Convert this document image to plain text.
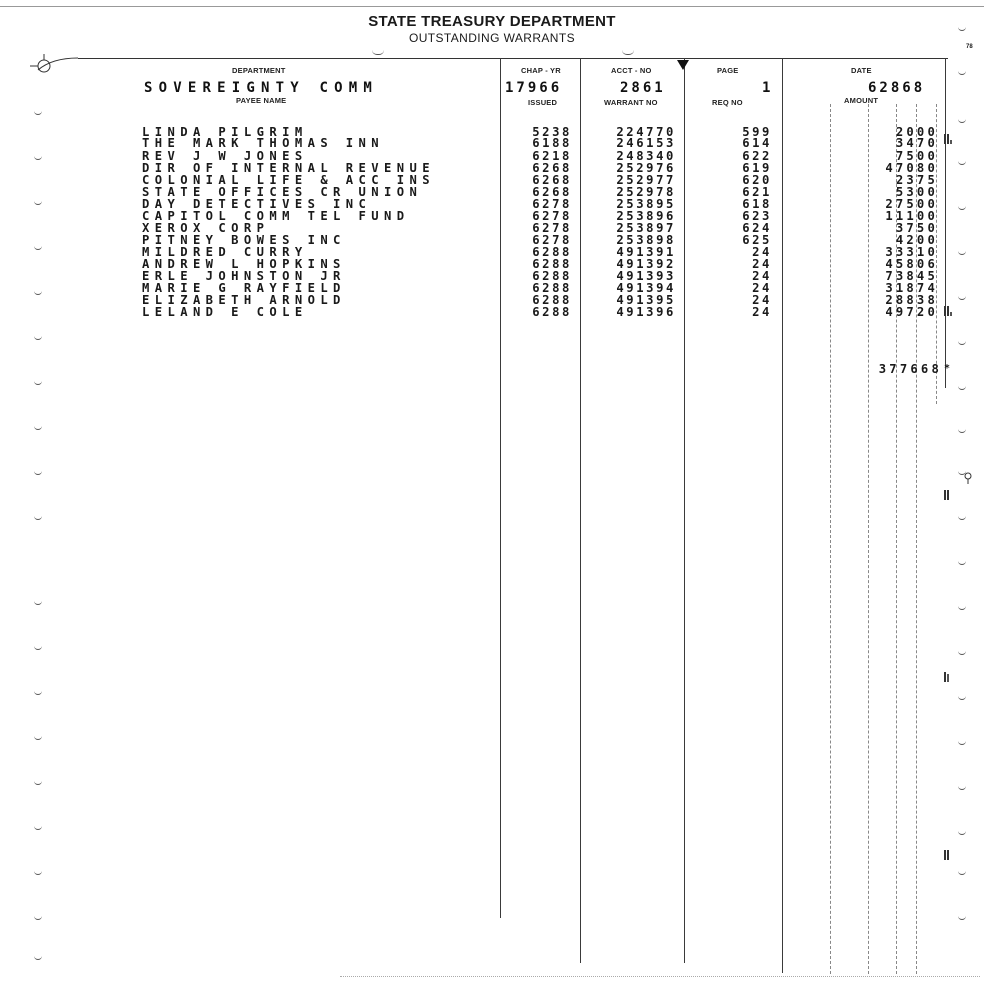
STATE TREASURY DEPARTMENT
OUTSTANDING WARRANTS
78
DEPARTMENT
PAYEE NAME
CHAP - YR
ISSUED
ACCT - NO
WARRANT NO
PAGE
REQ NO
DATE
AMOUNT
SOVEREIGNTY COMM	17966	2861	1	62868
LINDA PILGRIM	5238	224770	599	2000
THE MARK THOMAS INN	6188	246153	614	3470
REV J W JONES	6218	248340	622	7500
DIR OF INTERNAL REVENUE	6268	252976	619	47080
COLONIAL LIFE & ACC INS	6268	252977	620	2375
STATE OFFICES CR UNION	6268	252978	621	5300
DAY DETECTIVES INC	6278	253895	618	27500
CAPITOL COMM TEL FUND	6278	253896	623	11100
XEROX CORP	6278	253897	624	3750
PITNEY BOWES INC	6278	253898	625	4200
MILDRED CURRY	6288	491391	24	33310
ANDREW L HOPKINS	6288	491392	24	45806
ERLE JOHNSTON JR	6288	491393	24	73845
MARIE G RAYFIELD	6288	491394	24	31874
ELIZABETH ARNOLD	6288	491395	24	28838
LELAND E COLE	6288	491396	24	49720
377668 *
